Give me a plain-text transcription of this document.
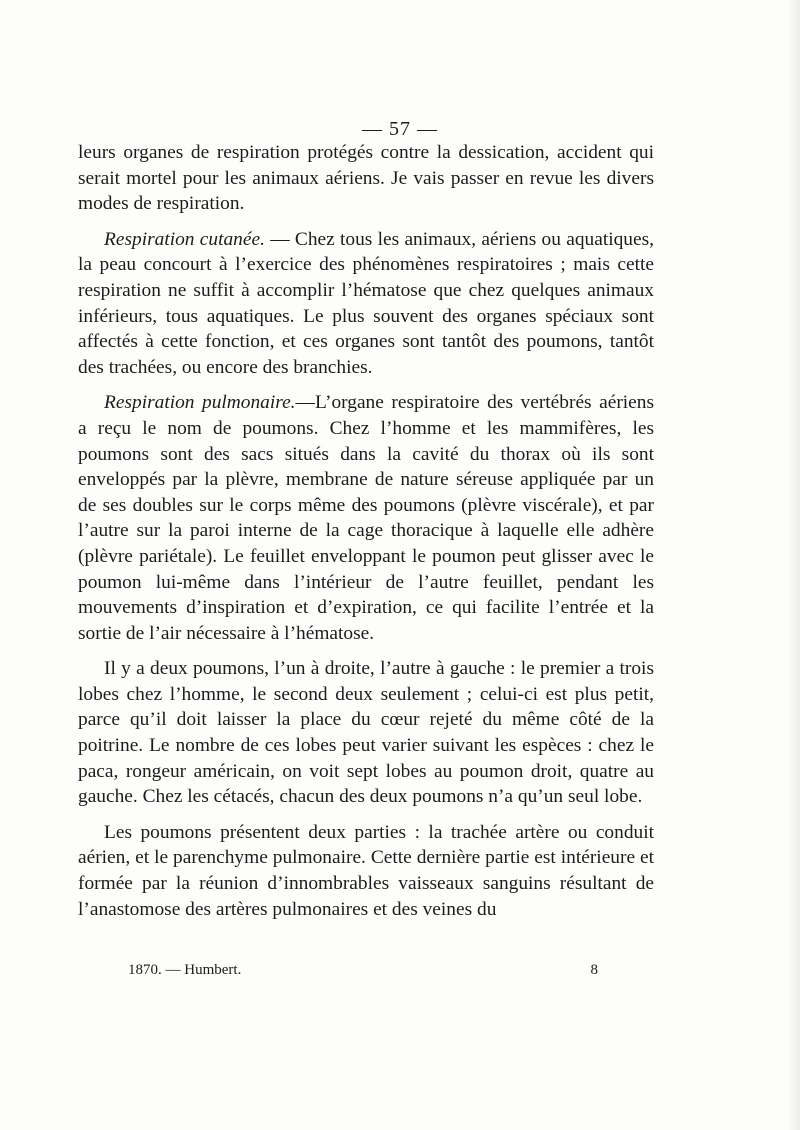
— 57 —

leurs organes de respiration protégés contre la dessication, accident qui serait mortel pour les animaux aériens. Je vais passer en revue les divers modes de respiration.

Respiration cutanée. — Chez tous les animaux, aériens ou aquatiques, la peau concourt à l’exercice des phénomènes respiratoires ; mais cette respiration ne suffit à accomplir l’hématose que chez quelques animaux inférieurs, tous aquatiques. Le plus souvent des organes spéciaux sont affectés à cette fonction, et ces organes sont tantôt des poumons, tantôt des trachées, ou encore des branchies.

Respiration pulmonaire.—L’organe respiratoire des vertébrés aériens a reçu le nom de poumons. Chez l’homme et les mammifères, les poumons sont des sacs situés dans la cavité du thorax où ils sont enveloppés par la plèvre, membrane de nature séreuse appliquée par un de ses doubles sur le corps même des poumons (plèvre viscérale), et par l’autre sur la paroi interne de la cage thoracique à laquelle elle adhère (plèvre pariétale). Le feuillet enveloppant le poumon peut glisser avec le poumon lui-même dans l’intérieur de l’autre feuillet, pendant les mouvements d’inspiration et d’expiration, ce qui facilite l’entrée et la sortie de l’air nécessaire à l’hématose.

Il y a deux poumons, l’un à droite, l’autre à gauche : le premier a trois lobes chez l’homme, le second deux seulement ; celui-ci est plus petit, parce qu’il doit laisser la place du cœur rejeté du même côté de la poitrine. Le nombre de ces lobes peut varier suivant les espèces : chez le paca, rongeur américain, on voit sept lobes au poumon droit, quatre au gauche. Chez les cétacés, chacun des deux poumons n’a qu’un seul lobe.

Les poumons présentent deux parties : la trachée artère ou conduit aérien, et le parenchyme pulmonaire. Cette dernière partie est intérieure et formée par la réunion d’innombrables vaisseaux sanguins résultant de l’anastomose des artères pulmonaires et des veines du

1870. — Humbert.	8
